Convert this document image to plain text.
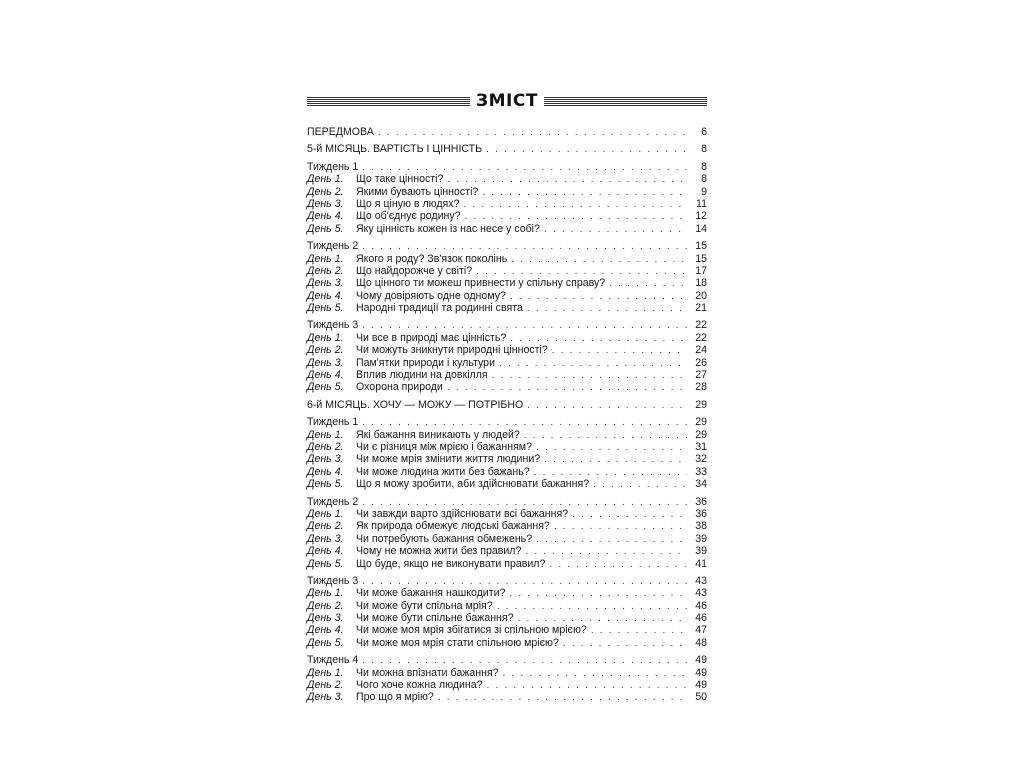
ЗМІСТ
ПЕРЕДМОВА . . .	6
5-й МІСЯЦЬ. ВАРТІСТЬ І ЦІННІСТЬ . . .	8
Тиждень 1 . . .	8
День 1.	Що таке цінності? . . .	8
День 2.	Якими бувають цінності? . . .	9
День 3.	Що я ціную в людях? . . .	11
День 4.	Що об'єднує родину? . . .	12
День 5.	Яку цінність кожен із нас несе у собі? . . .	14
Тиждень 2 . . .	15
День 1.	Якого я роду? Зв'язок поколінь . . .	15
День 2.	Що найдорожче у світі? . . .	17
День 3.	Що цінного ти можеш привнести у спільну справу? . . .	18
День 4.	Чому довіряють одне одному? . . .	20
День 5.	Народні традиції та родинні свята . . .	21
Тиждень 3 . . .	22
День 1.	Чи все в природі має цінність? . . .	22
День 2.	Чи можуть зникнути природні цінності? . . .	24
День 3.	Пам'ятки природи і культури . . .	26
День 4.	Вплив людини на довкілля . . .	27
День 5.	Охорона природи . . .	28
6-й МІСЯЦЬ. ХОЧУ — МОЖУ — ПОТРІБНО . . .	29
Тиждень 1 . . .	29
День 1.	Які бажання виникають у людей? . . .	29
День 2.	Чи є різниця між мрією і бажанням? . . .	31
День 3.	Чи може мрія змінити життя людини? . . .	32
День 4.	Чи може людина жити без бажань? . . .	33
День 5.	Що я можу зробити, аби здійснювати бажання? . . .	34
Тиждень 2 . . .	36
День 1.	Чи завжди варто здійснювати всі бажання? . . .	36
День 2.	Як природа обмежує людські бажання? . . .	38
День 3.	Чи потребують бажання обмежень? . . .	39
День 4.	Чому не можна жити без правил? . . .	39
День 5.	Що буде, якщо не виконувати правил? . . .	41
Тиждень 3 . . .	43
День 1.	Чи може бажання нашкодити? . . .	43
День 2.	Чи може бути спільна мрія? . . .	46
День 3.	Чи може бути спільне бажання? . . .	46
День 4.	Чи може моя мрія збігатися зі спільною мрією? . . .	47
День 5.	Чи може моя мрія стати спільною мрією? . . .	48
Тиждень 4 . . .	49
День 1.	Чи можна впізнати бажання? . . .	49
День 2.	Чого хоче кожна людина? . . .	49
День 3.	Про що я мрію? . . .	50
